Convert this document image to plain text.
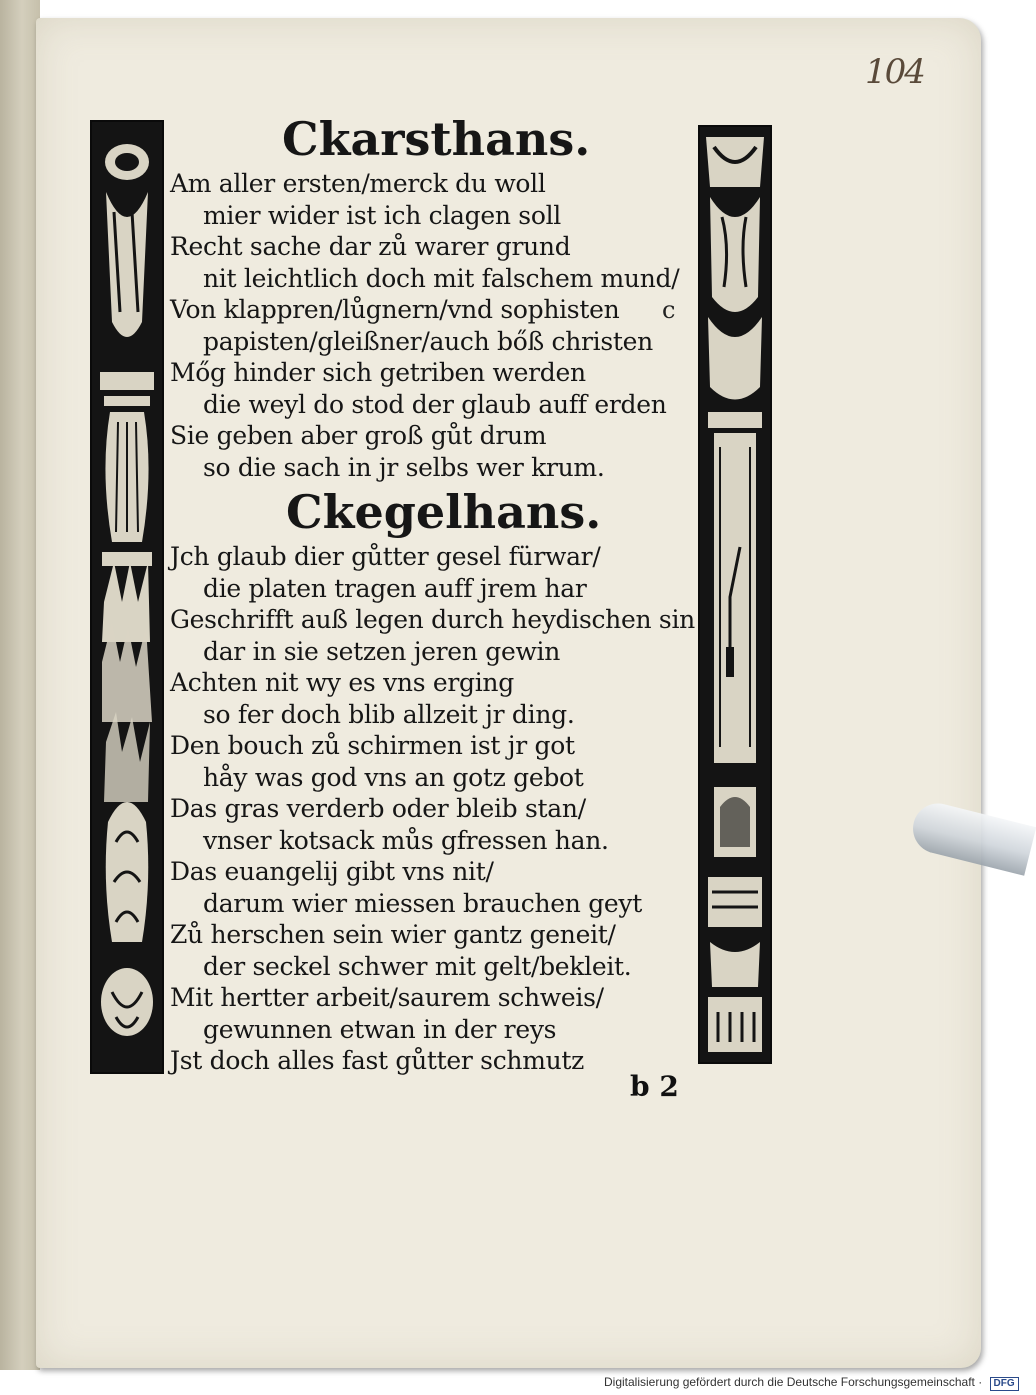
104
Ckarsthans.
Am aller ersten/merck du woll
mier wider ist ich clagen soll
Recht sache dar zů warer grund
nit leichtlich doch mit falschem mund/
Von klappren/lůgnern/vnd sophisten
papisten/gleißner/auch bőß christen
Mőg hinder sich getriben werden
die weyl do stod der glaub auff erden
Sie geben aber groß gůt drum
so die sach in jr selbs wer krum.
Ckegelhans.
Jch glaub dier gůtter gesel fürwar/
die platen tragen auff jrem har
Geschrifft auß legen durch heydischen sin
dar in sie setzen jeren gewin
Achten nit wy es vns erging
so fer doch blib allzeit jr ding.
Den bouch zů schirmen ist jr got
håy was god vns an gotz gebot
Das gras verderb oder bleib stan/
vnser kotsack můs gfressen han.
Das euangelij gibt vns nit/
darum wier miessen brauchen geyt
Zů herschen sein wier gantz geneit/
der seckel schwer mit gelt/bekleit.
Mit hertter arbeit/saurem schweis/
gewunnen etwan in der reys
Jst doch alles fast gůtter schmutz
c
b 2
Digitalisierung gefördert durch die Deutsche Forschungsgemeinschaft · DFG
